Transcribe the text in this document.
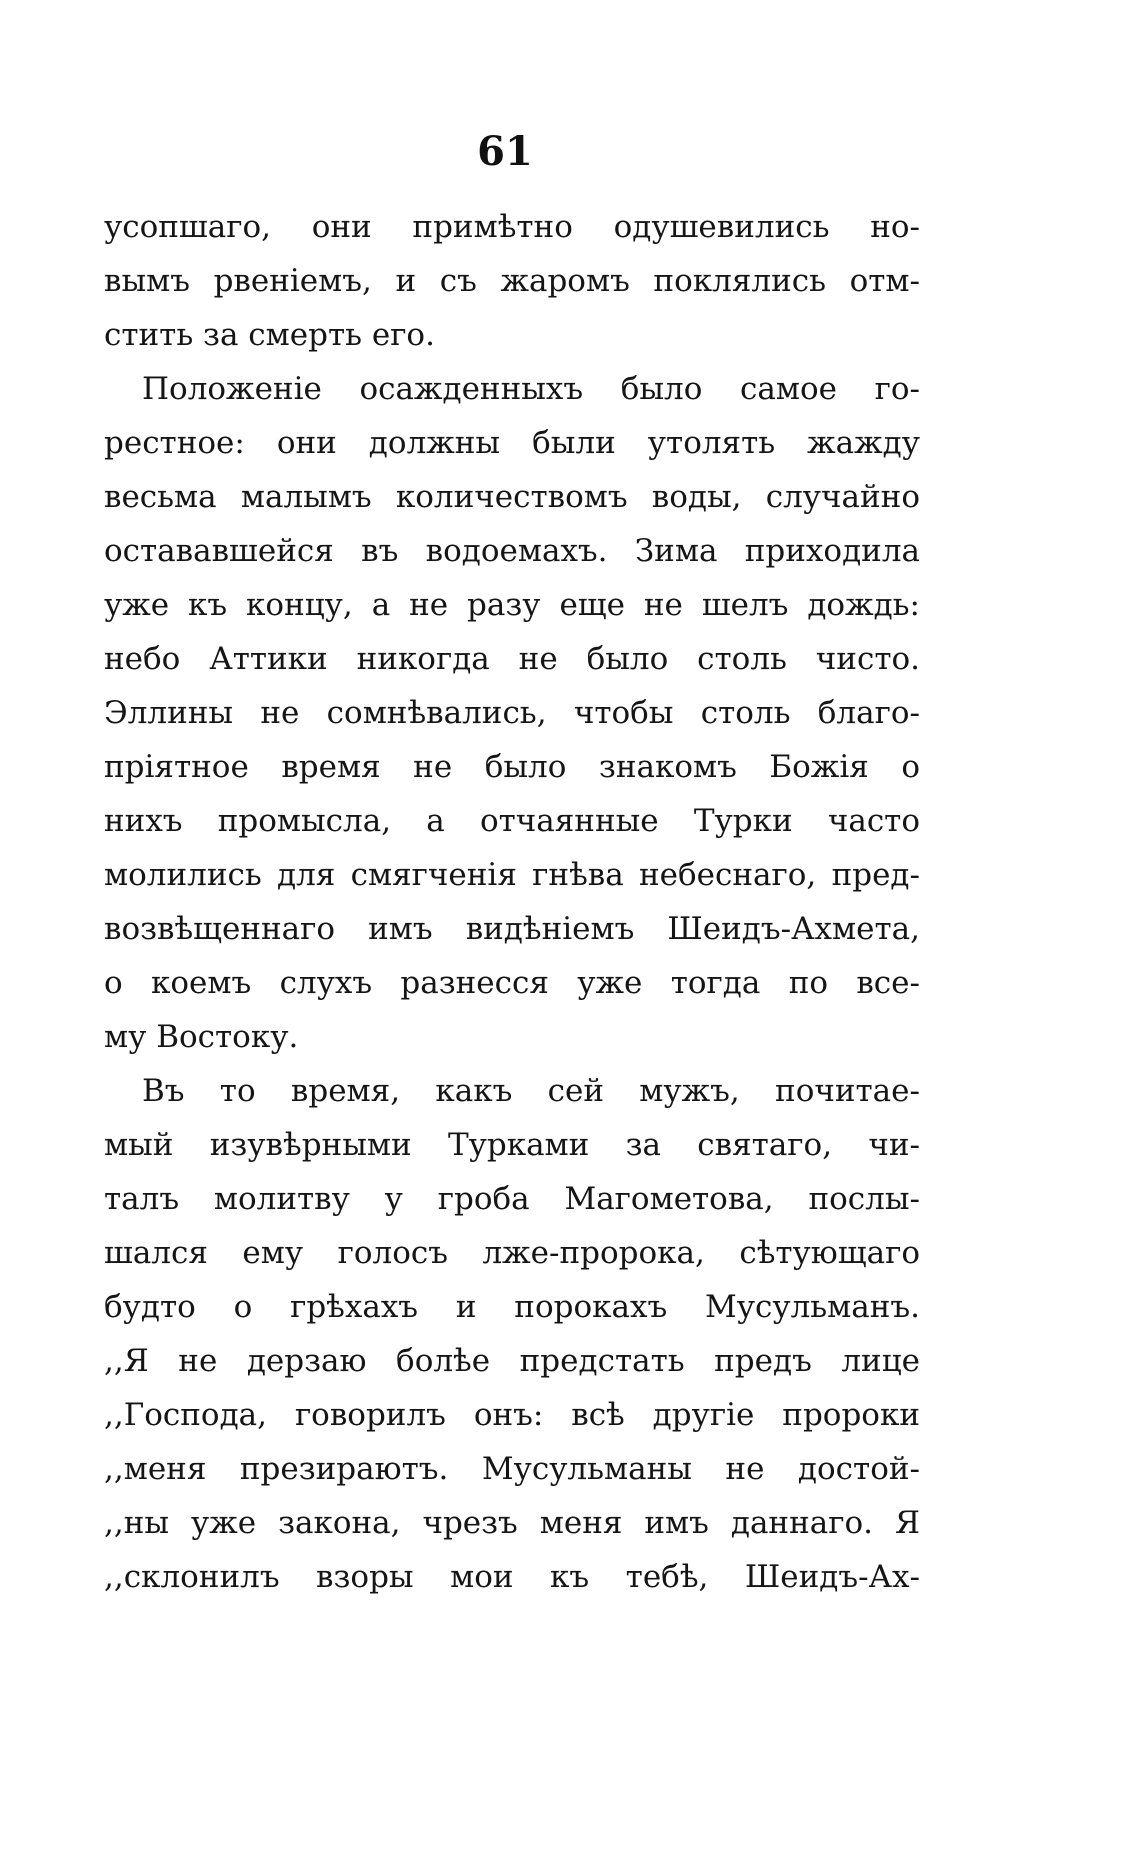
61
усопшаго, они примѣтно одушевились но-
вымъ рвеніемъ, и съ жаромъ поклялись отм-
стить за смерть его.
Положеніе осажденныхъ было самое го-
рестное: они должны были утолять жажду
весьма малымъ количествомъ воды, случайно
остававшейся въ водоемахъ. Зима приходила
уже къ концу, а не разу еще не шелъ дождь:
небо Аттики никогда не было столь чисто.
Эллины не сомнѣвались, чтобы столь благо-
пріятное время не было знакомъ Божія о
нихъ промысла, а отчаянные Турки часто
молились для смягченія гнѣва небеснаго, пред-
возвѣщеннаго имъ видѣніемъ Шеидъ-Ахмета,
о коемъ слухъ разнесся уже тогда по все-
му Востоку.
Въ то время, какъ сей мужъ, почитае-
мый изувѣрными Турками за святаго, чи-
талъ молитву у гроба Магометова, послы-
шался ему голосъ лже-пророка, сѣтующаго
будто о грѣхахъ и порокахъ Мусульманъ.
,,Я не дерзаю болѣе предстать предъ лице
,,Господа, говорилъ онъ: всѣ другіе пророки
,,меня презираютъ. Мусульманы не достой-
,,ны уже закона, чрезъ меня имъ даннаго. Я
,,склонилъ взоры мои къ тебѣ, Шеидъ-Ах-
